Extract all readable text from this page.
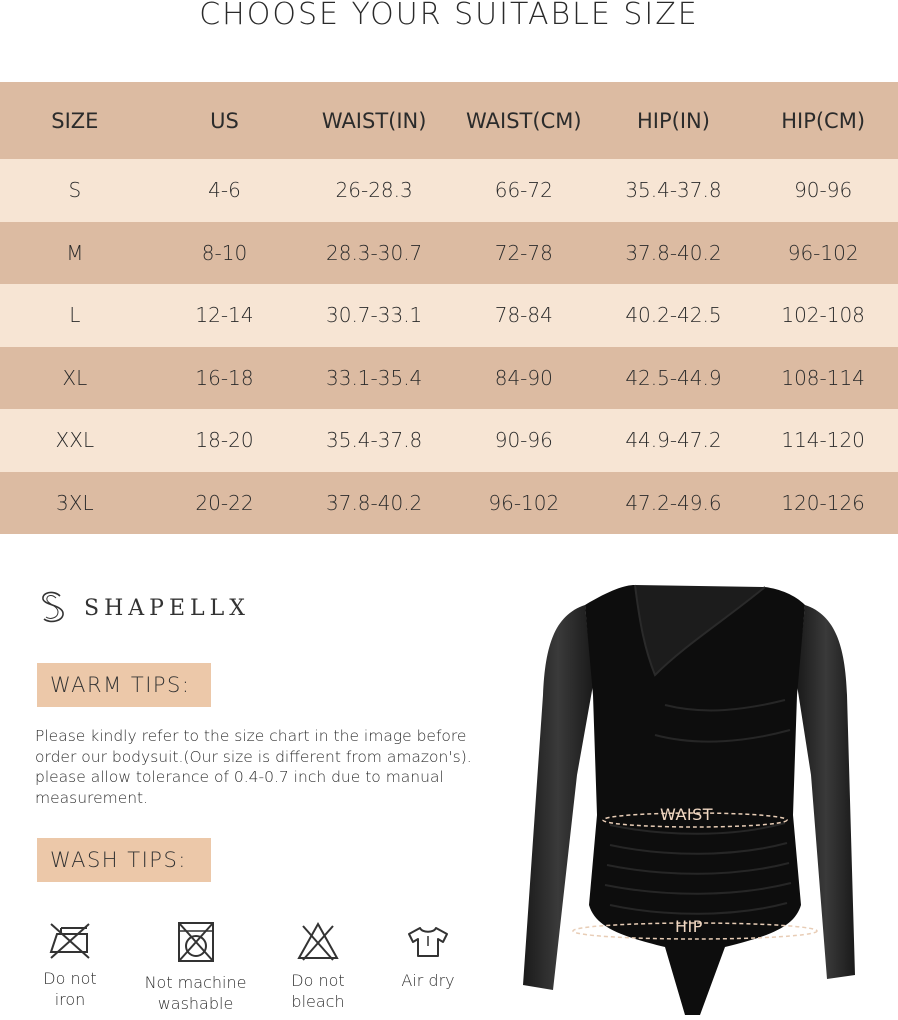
CHOOSE YOUR SUITABLE SIZE
SIZE	US	WAIST(IN)	WAIST(CM)	HIP(IN)	HIP(CM)
S	4-6	26-28.3	66-72	35.4-37.8	90-96
M	8-10	28.3-30.7	72-78	37.8-40.2	96-102
L	12-14	30.7-33.1	78-84	40.2-42.5	102-108
XL	16-18	33.1-35.4	84-90	42.5-44.9	108-114
XXL	18-20	35.4-37.8	90-96	44.9-47.2	114-120
3XL	20-22	37.8-40.2	96-102	47.2-49.6	120-126
SHAPELLX
WARM TIPS:
Please kindly refer to the size chart in the image before order our bodysuit.(Our size is different from amazon's). please allow tolerance of 0.4-0.7 inch due to manual measurement.
WASH TIPS:
Do not
iron
Not machine
washable
Do not
bleach
Air dry
WAIST
HIP
